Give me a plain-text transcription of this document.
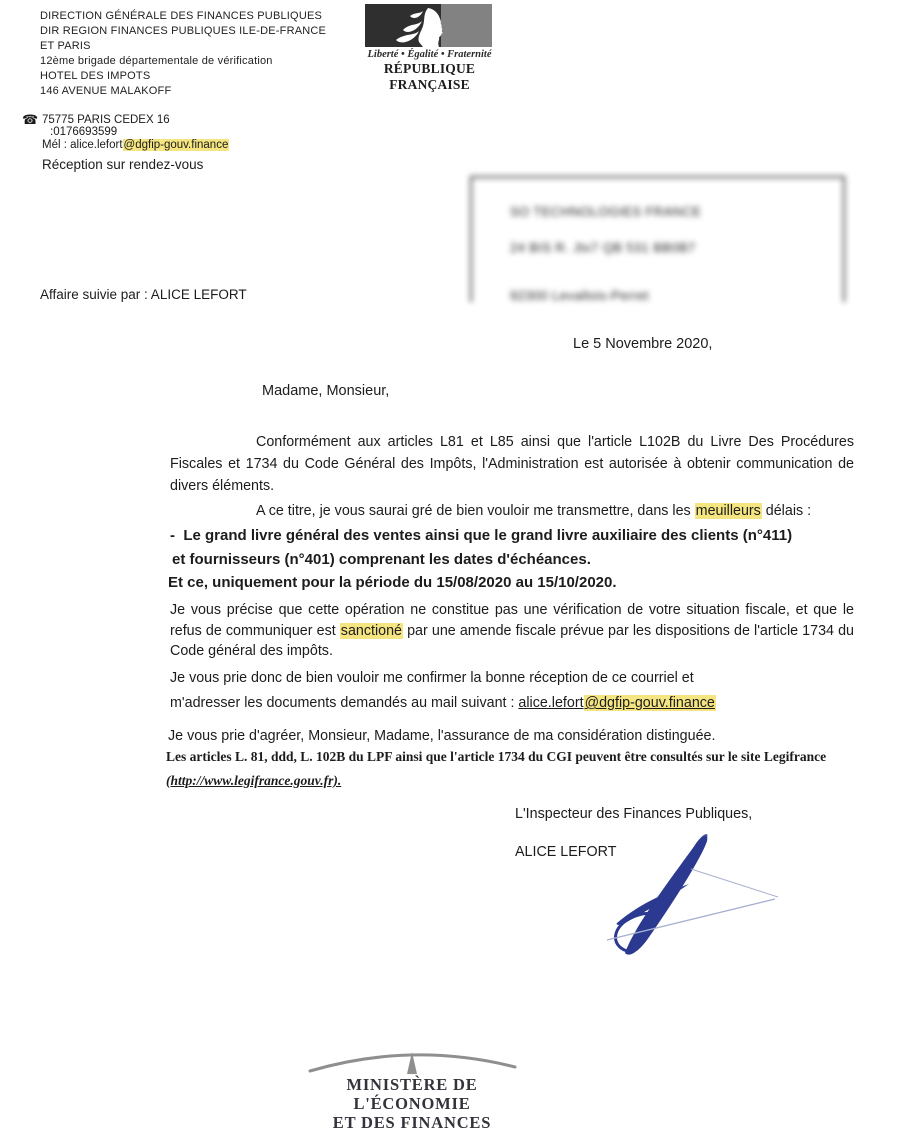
DIRECTION GÉNÉRALE DES FINANCES PUBLIQUES
DIR REGION FINANCES PUBLIQUES ILE-DE-FRANCE
ET PARIS
12ème brigade départementale de vérification
HOTEL DES IMPOTS
146 AVENUE MALAKOFF
Liberté • Égalité • Fraternité
RÉPUBLIQUE FRANÇAISE
☎ 75775 PARIS CEDEX 16
:0176693599
Mél : alice.lefort@dgfip-gouv.finance
Réception sur rendez-vous
SO TECHNOLOGIES FRANCE
24 BIS R. Jtx7 QB 531 BB0B7
92300 Levallois-Perret
Affaire suivie par : ALICE LEFORT
Le 5 Novembre 2020,
Madame, Monsieur,
Conformément aux articles L81 et L85 ainsi que l'article L102B du Livre Des Procédures Fiscales et 1734 du Code Général des Impôts, l'Administration est autorisée à obtenir communication de divers éléments.
A ce titre, je vous saurai gré de bien vouloir me transmettre, dans les meuilleurs délais :
-  Le grand livre général des ventes ainsi que le grand livre auxiliaire des clients (n°411)
et fournisseurs (n°401) comprenant les dates d'échéances.
Et ce, uniquement pour la période du 15/08/2020 au 15/10/2020.
Je vous précise que cette opération ne constitue pas une vérification de votre situation fiscale, et que le refus de communiquer est sanctioné par une amende fiscale prévue par les dispositions de l'article 1734 du Code général des impôts.
Je vous prie donc de bien vouloir me confirmer la bonne réception de ce courriel et
m'adresser les documents demandés au mail suivant : alice.lefort@dgfip-gouv.finance
Je vous prie d'agréer, Monsieur, Madame, l'assurance de ma considération distinguée.
Les articles L. 81, ddd, L. 102B du LPF ainsi que l'article 1734 du CGI peuvent être consultés sur le site Legifrance
(http://www.legifrance.gouv.fr).
L'Inspecteur des Finances Publiques,
ALICE LEFORT
MINISTÈRE DE L'ÉCONOMIE
ET DES FINANCES
